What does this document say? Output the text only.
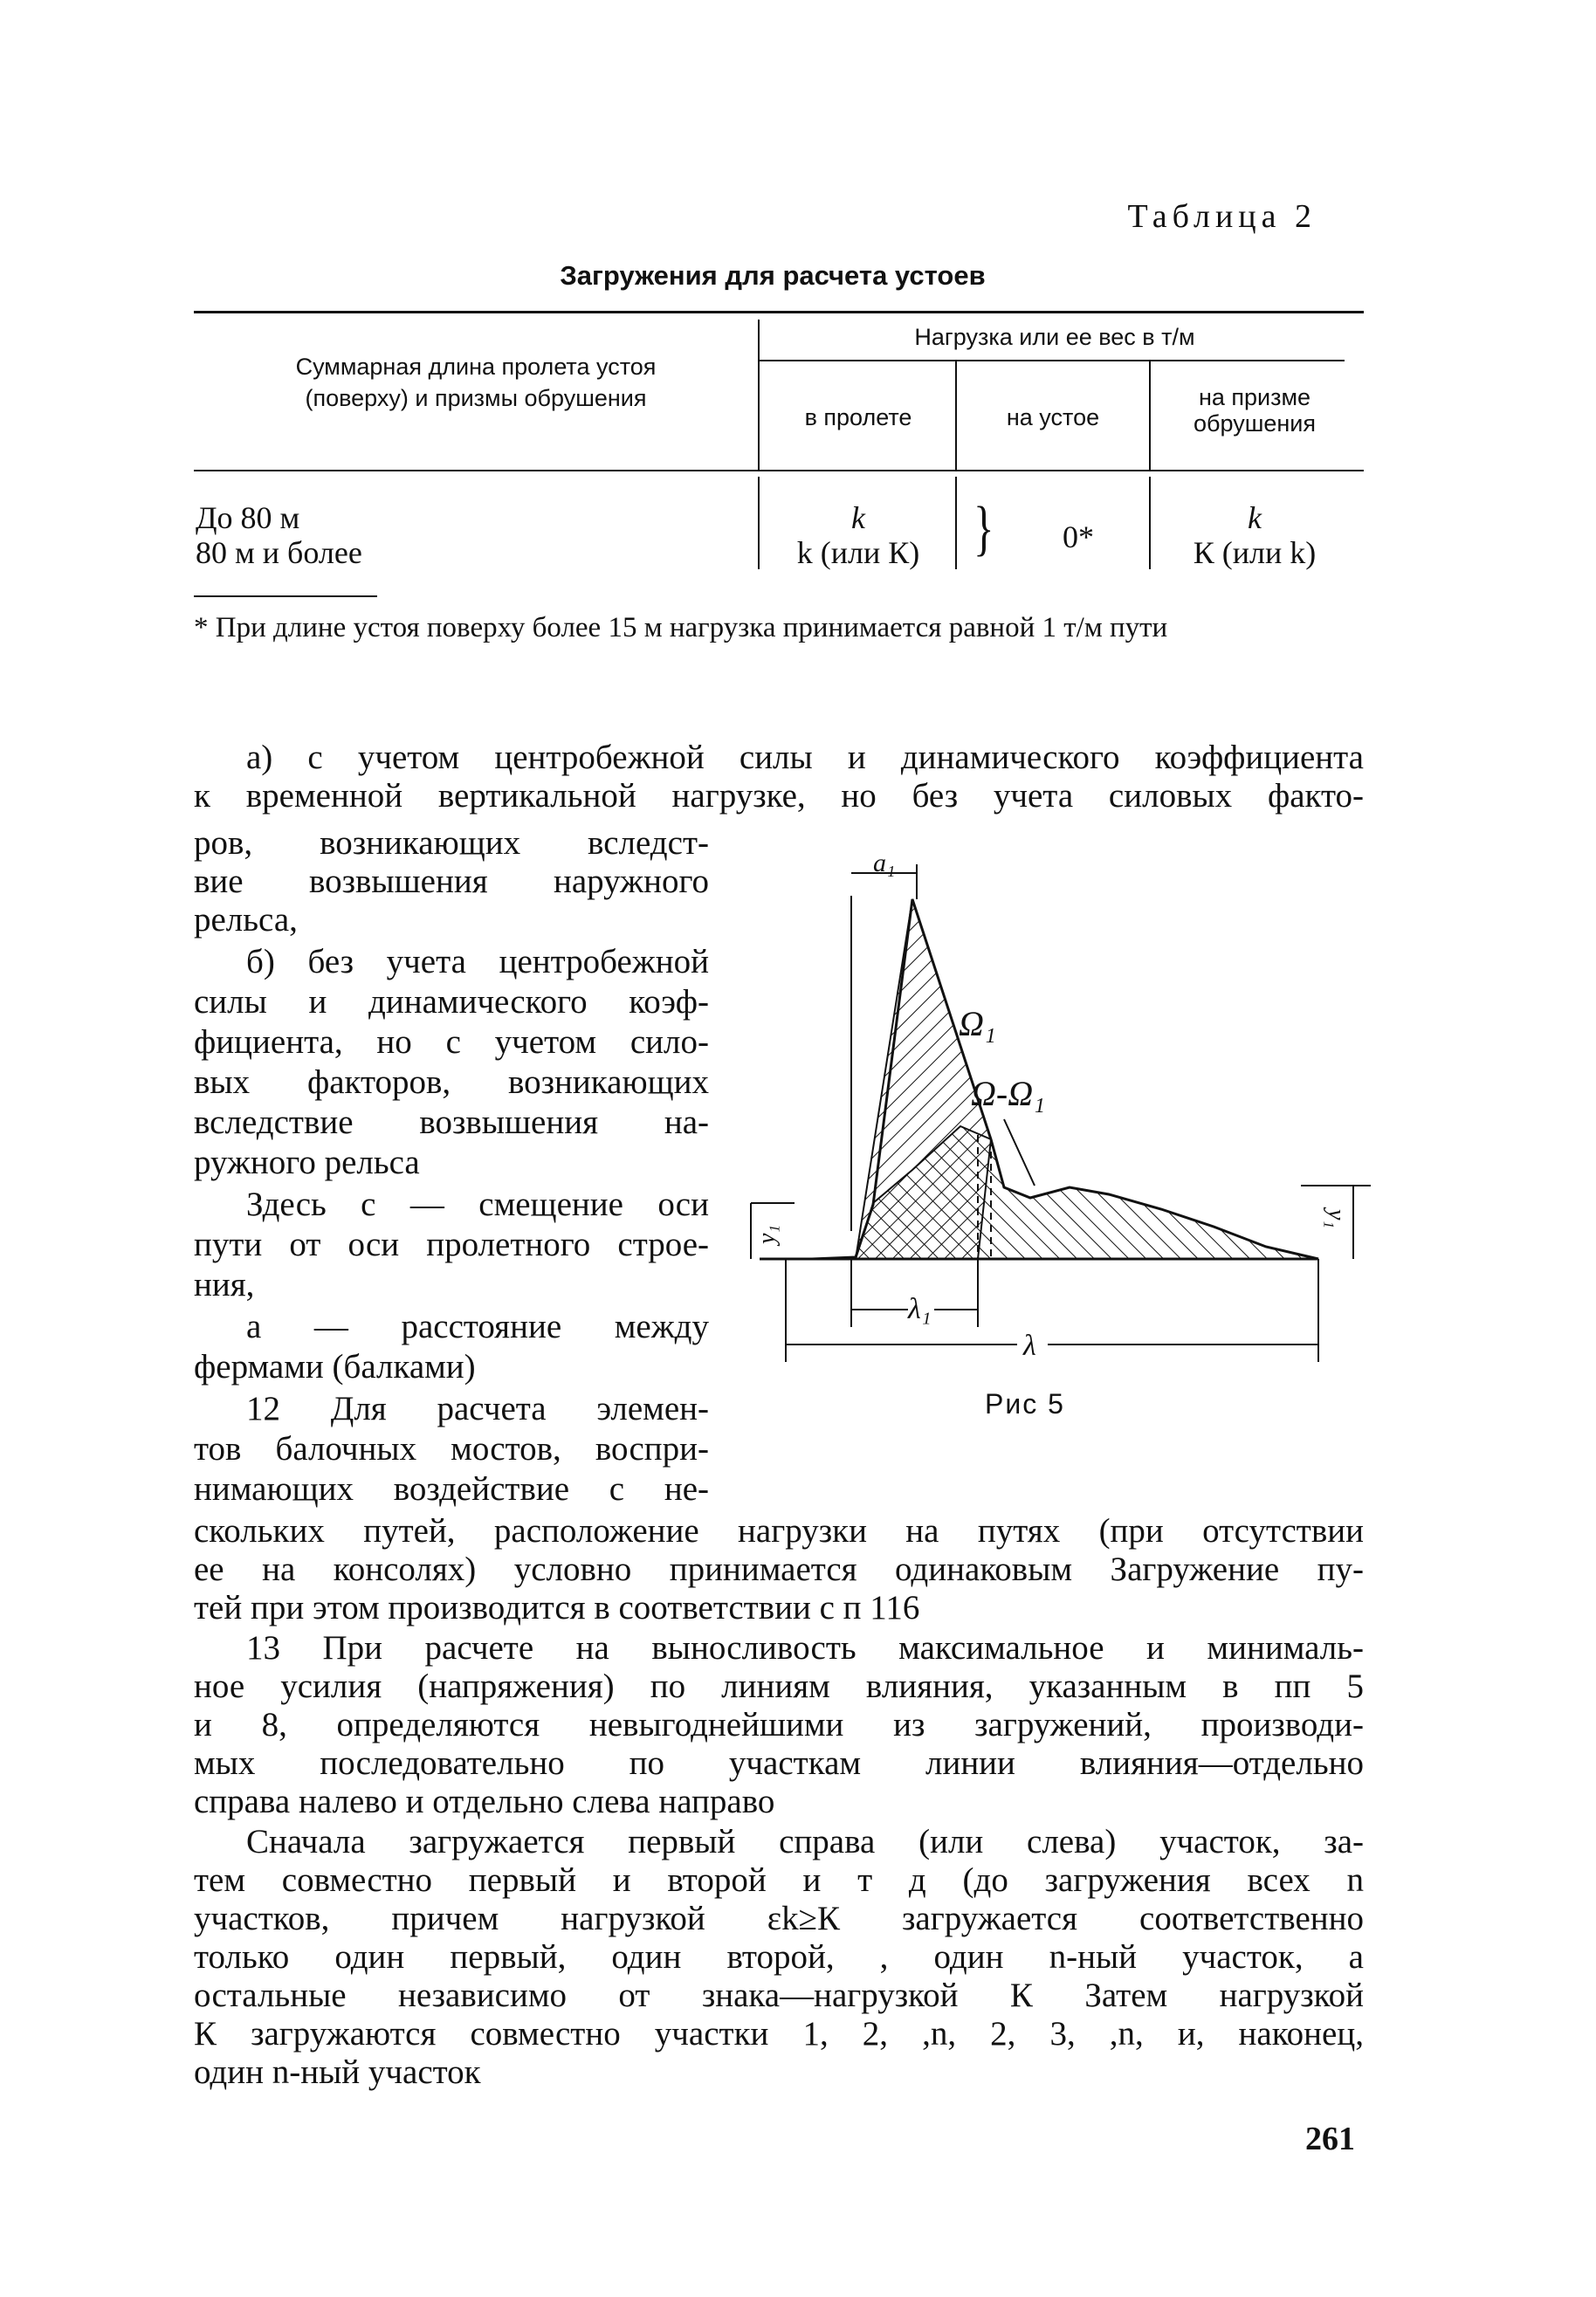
Таблица 2
Загружения для расчета устоев
Суммарная длина пролета устоя
(поверху) и призмы обрушения
Нагрузка или ее вес в т/м
в пролете	на устое
на призме
обрушения
До 80 м
80 м и более
k
k (или К) }	0*
k
К (или k)
* При длине устоя поверху более 15 м нагрузка принимается равной 1 т/м пути
а) с учетом центробежной силы и динамического коэффициента
к временной вертикальной нагрузке, но без учета силовых факто-
ров, возникающих вследст-
вие возвышения наружного
рельса,
б) без учета центробежной
силы и динамического коэф-
фициента, но с учетом сило-
вых факторов, возникающих
вследствие возвышения на-
ружного рельса
Здесь с — смещение оси
пути от оси пролетного строе-
ния,
а — расстояние между
фермами (балками)
12 Для расчета элемен-
тов балочных мостов, воспри-
нимающих воздействие с не-
a₁
Ω₁
Ω-Ω₁
y₁
y₁
λ₁
λ
Рис 5
скольких путей, расположение нагрузки на путях (при отсутствии
ее на консолях) условно принимается одинаковым Загружение пу-
тей при этом производится в соответствии с п 116
13 При расчете на выносливость максимальное и минималь-
ное усилия (напряжения) по линиям влияния, указанным в пп 5
и 8, определяются невыгоднейшими из загружений, производи-
мых последовательно по участкам линии влияния—отдельно
справа налево и отдельно слева направо
Сначала загружается первый справа (или слева) участок, за-
тем совместно первый и второй и т д (до загружения всех n
участков, причем нагрузкой εk≥К загружается соответственно
только один первый, один второй, , один n-ный участок, а
остальные независимо от знака—нагрузкой К Затем нагрузкой
К загружаются совместно участки 1, 2, ,n, 2, 3, ,n, и, наконец,
один n-ный участок
261
